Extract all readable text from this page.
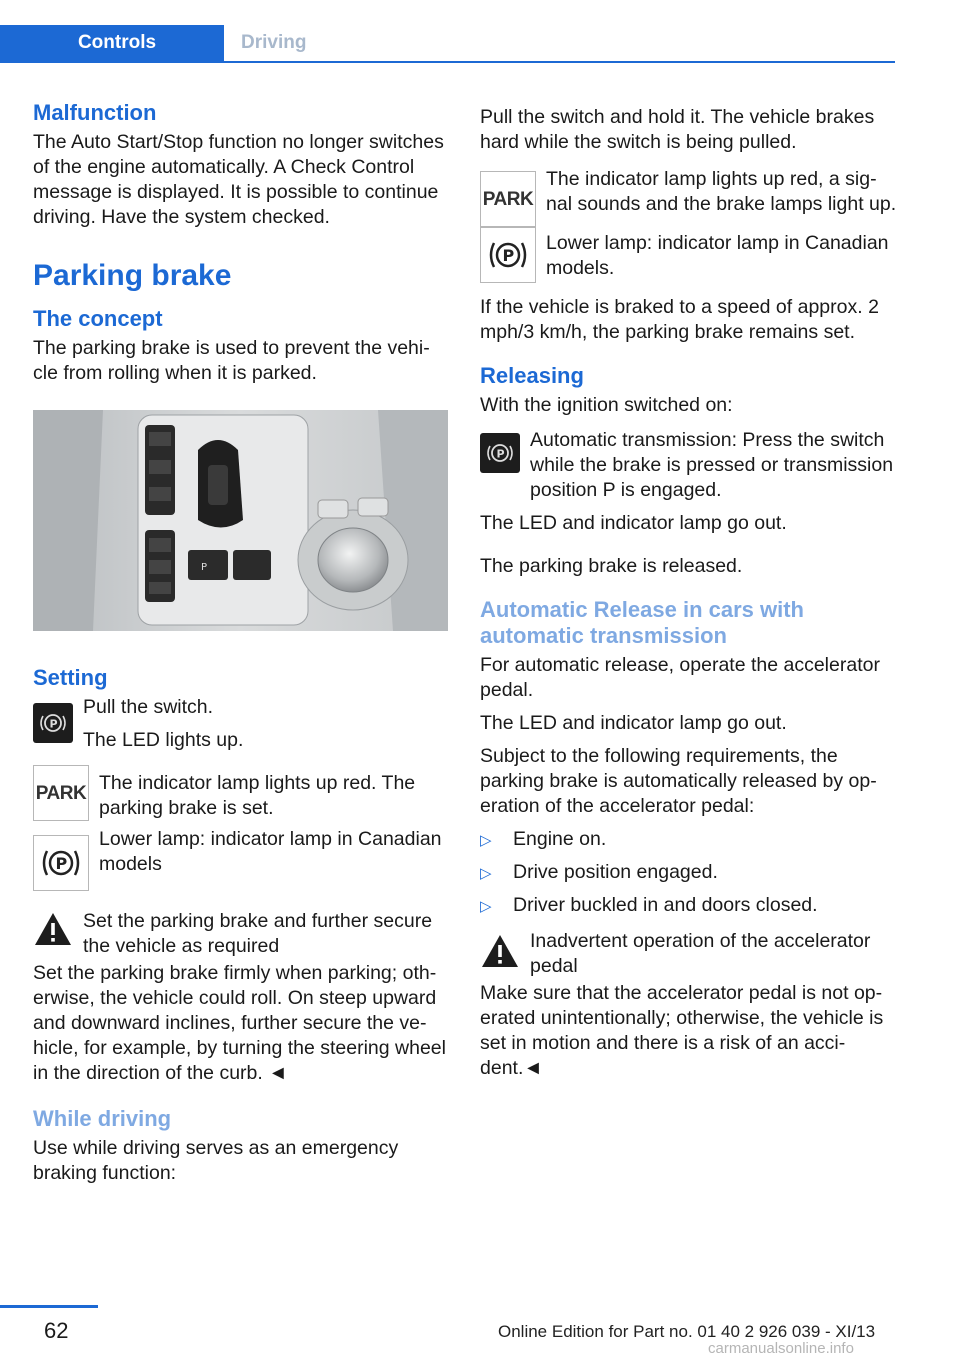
Controls	Driving
Malfunction
The Auto Start/Stop function no longer switches of the engine automatically. A Check Control message is displayed. It is possible to continue driving. Have the system checked.
Parking brake
The concept
The parking brake is used to prevent the vehi‐cle from rolling when it is parked.
P
Setting
P
Pull the switch.
The LED lights up.
PARK The indicator lamp lights up red. The parking brake is set.
P
Lower lamp: indicator lamp in Canadian models
Set the parking brake and further secure the vehicle as required
Set the parking brake firmly when parking; oth‐erwise, the vehicle could roll. On steep upward and downward inclines, further secure the ve‐hicle, for example, by turning the steering wheel in the direction of the curb. ◄
While driving
Use while driving serves as an emergency braking function:
Pull the switch and hold it. The vehicle brakes hard while the switch is being pulled.
PARK
The indicator lamp lights up red, a sig‐nal sounds and the brake lamps light up.
P
Lower lamp: indicator lamp in Canadian models.
If the vehicle is braked to a speed of approx. 2 mph/3 km/h, the parking brake remains set.
Releasing
With the ignition switched on:
P
Automatic transmission: Press the switch while the brake is pressed or transmission position P is engaged.
The LED and indicator lamp go out.
The parking brake is released.
Automatic Release in cars with automatic transmission
For automatic release, operate the accelerator pedal.
The LED and indicator lamp go out.
Subject to the following requirements, the parking brake is automatically released by op‐eration of the accelerator pedal:
▷	Engine on.
▷	Drive position engaged.
▷	Driver buckled in and doors closed.
Inadvertent operation of the accelerator pedal
Make sure that the accelerator pedal is not op‐erated unintentionally; otherwise, the vehicle is set in motion and there is a risk of an acci‐dent.◄
62	Online Edition for Part no. 01 40 2 926 039 - XI/13
carmanualsonline.info
